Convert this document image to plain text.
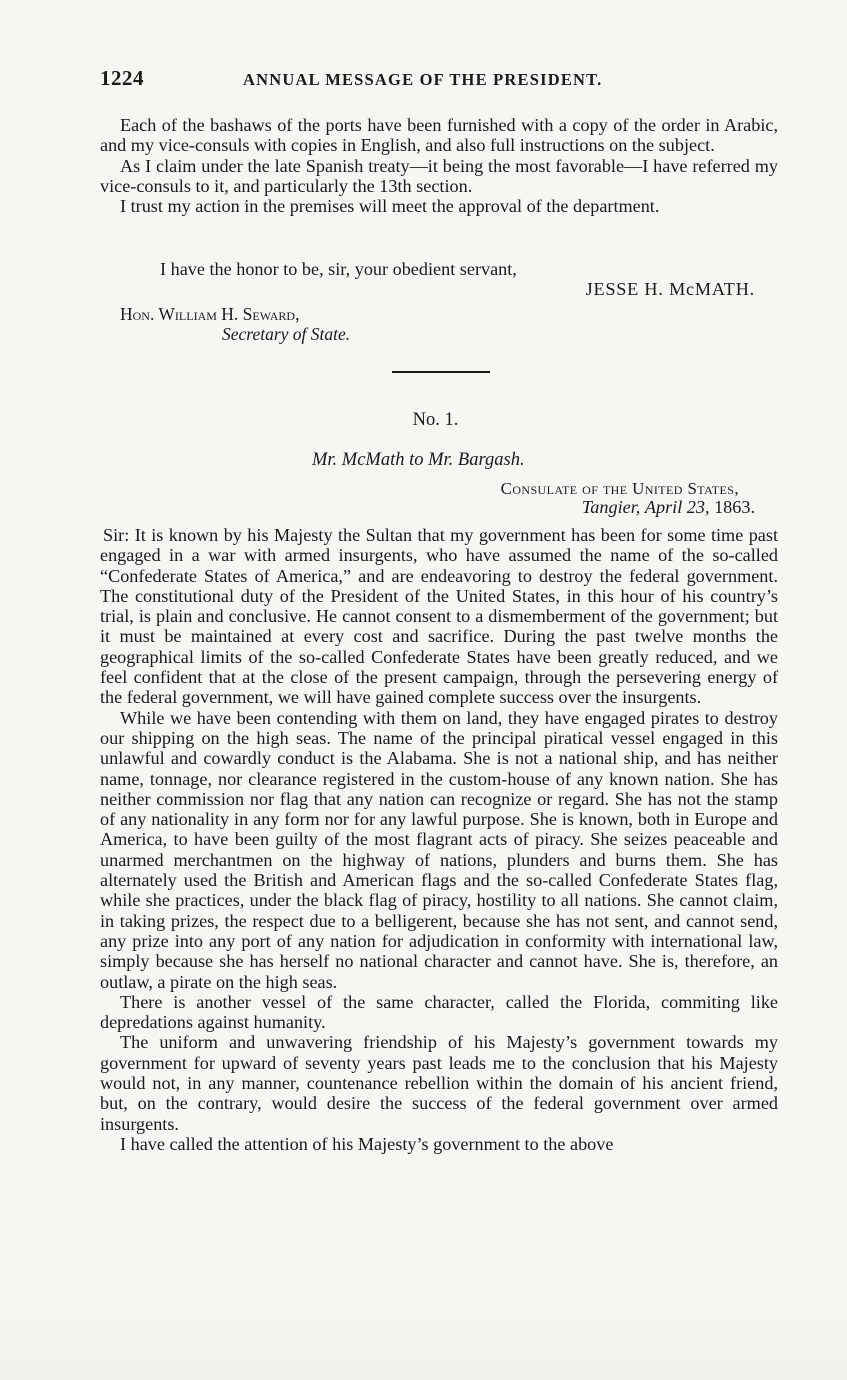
1224	ANNUAL MESSAGE OF THE PRESIDENT.

Each of the bashaws of the ports have been furnished with a copy of the order in Arabic, and my vice-consuls with copies in English, and also full instructions on the subject.

As I claim under the late Spanish treaty—it being the most favorable—I have referred my vice-consuls to it, and particularly the 13th section.

I trust my action in the premises will meet the approval of the department.

I have the honor to be, sir, your obedient servant,
JESSE H. McMATH.
Hon. William H. Seward,
Secretary of State.
No. 1.
Mr. McMath to Mr. Bargash.
Consulate of the United States,
Tangier, April 23, 1863.

Sir: It is known by his Majesty the Sultan that my government has been for some time past engaged in a war with armed insurgents, who have assumed the name of the so-called “Confederate States of America,” and are endeavoring to destroy the federal government. The constitutional duty of the President of the United States, in this hour of his country’s trial, is plain and conclusive. He cannot consent to a dismemberment of the government; but it must be maintained at every cost and sacrifice. During the past twelve months the geographical limits of the so-called Confederate States have been greatly reduced, and we feel confident that at the close of the present campaign, through the persevering energy of the federal government, we will have gained complete success over the insurgents.

While we have been contending with them on land, they have engaged pirates to destroy our shipping on the high seas. The name of the principal piratical vessel engaged in this unlawful and cowardly conduct is the Alabama. She is not a national ship, and has neither name, tonnage, nor clearance registered in the custom-house of any known nation. She has neither commission nor flag that any nation can recognize or regard. She has not the stamp of any nationality in any form nor for any lawful purpose. She is known, both in Europe and America, to have been guilty of the most flagrant acts of piracy. She seizes peaceable and unarmed merchantmen on the highway of nations, plunders and burns them. She has alternately used the British and American flags and the so-called Confederate States flag, while she practices, under the black flag of piracy, hostility to all nations. She cannot claim, in taking prizes, the respect due to a belligerent, because she has not sent, and cannot send, any prize into any port of any nation for adjudication in conformity with international law, simply because she has herself no national character and cannot have. She is, therefore, an outlaw, a pirate on the high seas.

There is another vessel of the same character, called the Florida, commiting like depredations against humanity.

The uniform and unwavering friendship of his Majesty’s government towards my government for upward of seventy years past leads me to the conclusion that his Majesty would not, in any manner, countenance rebellion within the domain of his ancient friend, but, on the contrary, would desire the success of the federal government over armed insurgents.

I have called the attention of his Majesty’s government to the above
